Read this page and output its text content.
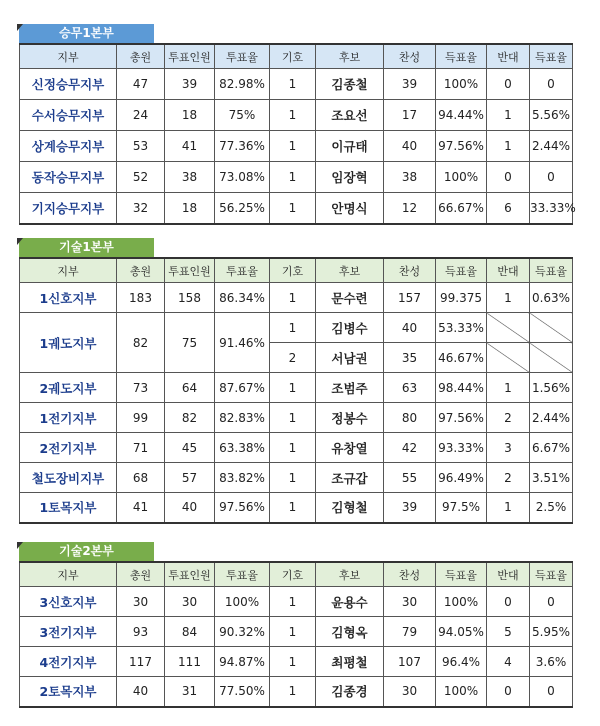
승무1본부
지부	총원	투표인원	투표율	기호	후보	찬성	득표율	반대	득표율
신정승무지부	47	39	82.98%	1	김종철	39	100%	0	0
수서승무지부	24	18	75%	1	조요선	17	94.44%	1	5.56%
상계승무지부	53	41	77.36%	1	이규태	40	97.56%	1	2.44%
동작승무지부	52	38	73.08%	1	임장혁	38	100%	0	0
기지승무지부	32	18	56.25%	1	안명식	12	66.67%	6	33.33%
기술1본부
지부	총원	투표인원	투표율	기호	후보	찬성	득표율	반대	득표율
1신호지부	183	158	86.34%	1	문수련	157	99.375	1	0.63%
1궤도지부	82	75	91.46%	1	김병수	40	53.33%		
				2	서남권	35	46.67%		
2궤도지부	73	64	87.67%	1	조범주	63	98.44%	1	1.56%
1전기지부	99	82	82.83%	1	정봉수	80	97.56%	2	2.44%
2전기지부	71	45	63.38%	1	유창열	42	93.33%	3	6.67%
철도장비지부	68	57	83.82%	1	조규갑	55	96.49%	2	3.51%
1토목지부	41	40	97.56%	1	김형철	39	97.5%	1	2.5%
기술2본부
지부	총원	투표인원	투표율	기호	후보	찬성	득표율	반대	득표율
3신호지부	30	30	100%	1	윤용수	30	100%	0	0
3전기지부	93	84	90.32%	1	김형옥	79	94.05%	5	5.95%
4전기지부	117	111	94.87%	1	최평철	107	96.4%	4	3.6%
2토목지부	40	31	77.50%	1	김종경	30	100%	0	0
